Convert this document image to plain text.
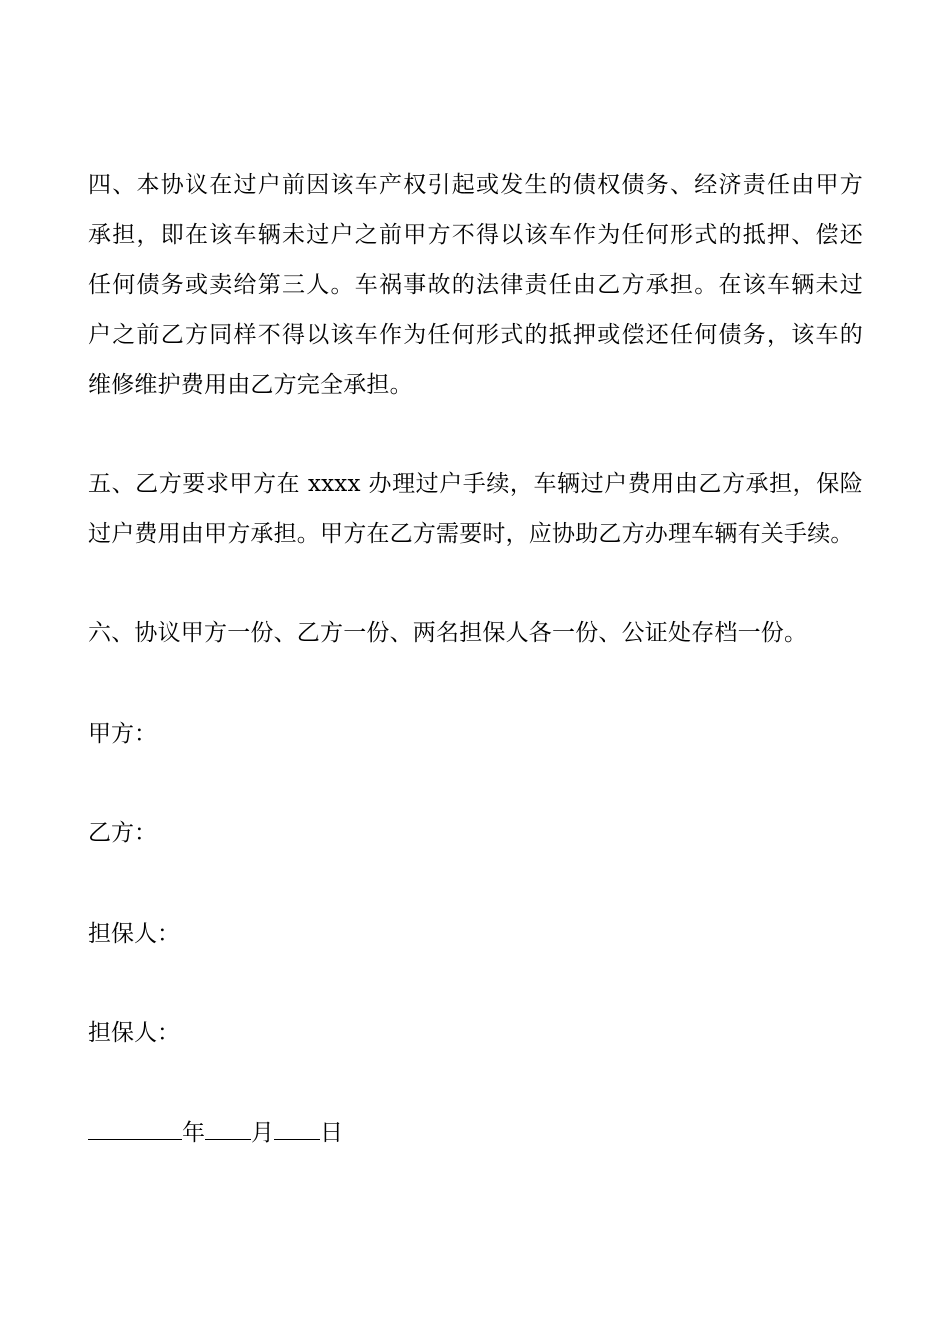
四、本协议在过户前因该车产权引起或发生的债权债务、经济责任由甲方
承担，即在该车辆未过户之前甲方不得以该车作为任何形式的抵押、偿还
任何债务或卖给第三人。车祸事故的法律责任由乙方承担。在该车辆未过
户之前乙方同样不得以该车作为任何形式的抵押或偿还任何债务，该车的
维修维护费用由乙方完全承担。
五、乙方要求甲方在 xxxx 办理过户手续，车辆过户费用由乙方承担，保险
过户费用由甲方承担。甲方在乙方需要时，应协助乙方办理车辆有关手续。
六、协议甲方一份、乙方一份、两名担保人各一份、公证处存档一份。

甲方：

乙方：

担保人：

担保人：

年 月 日
